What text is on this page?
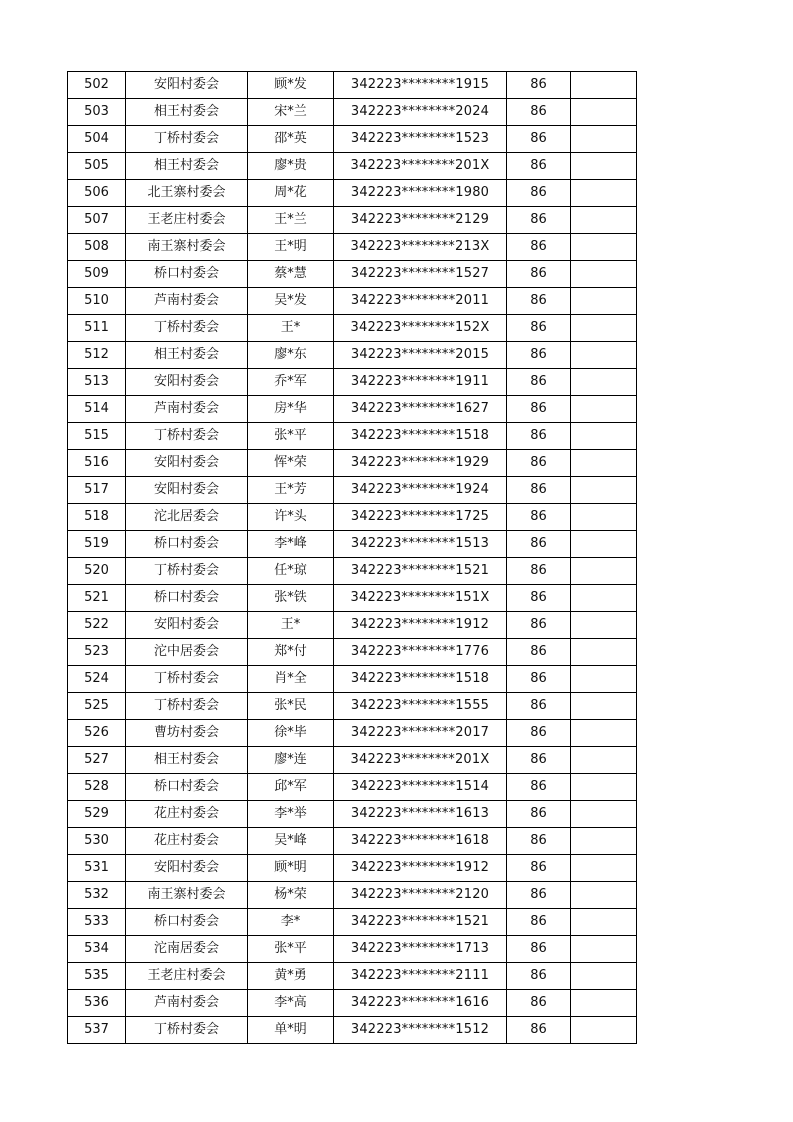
502	安阳村委会	顾*发	342223********1915	86	
503	相王村委会	宋*兰	342223********2024	86	
504	丁桥村委会	邵*英	342223********1523	86	
505	相王村委会	廖*贵	342223********201X	86	
506	北王寨村委会	周*花	342223********1980	86	
507	王老庄村委会	王*兰	342223********2129	86	
508	南王寨村委会	王*明	342223********213X	86	
509	桥口村委会	蔡*慧	342223********1527	86	
510	芦南村委会	吴*发	342223********2011	86	
511	丁桥村委会	王*	342223********152X	86	
512	相王村委会	廖*东	342223********2015	86	
513	安阳村委会	乔*军	342223********1911	86	
514	芦南村委会	房*华	342223********1627	86	
515	丁桥村委会	张*平	342223********1518	86	
516	安阳村委会	恽*荣	342223********1929	86	
517	安阳村委会	王*芳	342223********1924	86	
518	沱北居委会	许*头	342223********1725	86	
519	桥口村委会	李*峰	342223********1513	86	
520	丁桥村委会	任*琼	342223********1521	86	
521	桥口村委会	张*铁	342223********151X	86	
522	安阳村委会	王*	342223********1912	86	
523	沱中居委会	郑*付	342223********1776	86	
524	丁桥村委会	肖*全	342223********1518	86	
525	丁桥村委会	张*民	342223********1555	86	
526	曹坊村委会	徐*毕	342223********2017	86	
527	相王村委会	廖*连	342223********201X	86	
528	桥口村委会	邱*军	342223********1514	86	
529	花庄村委会	李*举	342223********1613	86	
530	花庄村委会	吴*峰	342223********1618	86	
531	安阳村委会	顾*明	342223********1912	86	
532	南王寨村委会	杨*荣	342223********2120	86	
533	桥口村委会	李*	342223********1521	86	
534	沱南居委会	张*平	342223********1713	86	
535	王老庄村委会	黄*勇	342223********2111	86	
536	芦南村委会	李*高	342223********1616	86	
537	丁桥村委会	单*明	342223********1512	86	
